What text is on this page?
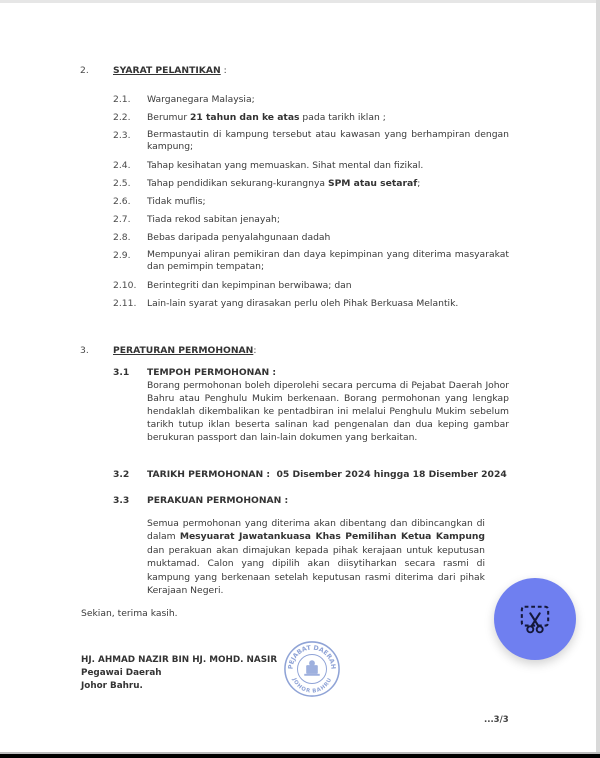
2.	SYARAT PELANTIKAN :
2.1. Warganegara Malaysia;
2.2. Berumur 21 tahun dan ke atas pada tarikh iklan ;
2.3. Bermastautin di kampung tersebut atau kawasan yang berhampiran dengan kampung;
2.4. Tahap kesihatan yang memuaskan. Sihat mental dan fizikal.
2.5. Tahap pendidikan sekurang-kurangnya SPM atau setaraf;
2.6. Tidak muflis;
2.7. Tiada rekod sabitan jenayah;
2.8. Bebas daripada penyalahgunaan dadah
2.9. Mempunyai aliran pemikiran dan daya kepimpinan yang diterima masyarakat dan pemimpin tempatan;
2.10. Berintegriti dan kepimpinan berwibawa; dan
2.11. Lain-lain syarat yang dirasakan perlu oleh Pihak Berkuasa Melantik.
3.	PERATURAN PERMOHONAN:
3.1 TEMPOH PERMOHONAN :
Borang permohonan boleh diperolehi secara percuma di Pejabat Daerah Johor Bahru atau Penghulu Mukim berkenaan. Borang permohonan yang lengkap hendaklah dikembalikan ke pentadbiran ini melalui Penghulu Mukim sebelum tarikh tutup iklan beserta salinan kad pengenalan dan dua keping gambar berukuran passport dan lain-lain dokumen yang berkaitan.
3.2 TARIKH PERMOHONAN : 05 Disember 2024 hingga 18 Disember 2024
3.3 PERAKUAN PERMOHONAN :
Semua permohonan yang diterima akan dibentang dan dibincangkan di dalam Mesyuarat Jawatankuasa Khas Pemilihan Ketua Kampung dan perakuan akan dimajukan kepada pihak kerajaan untuk keputusan muktamad. Calon yang dipilih akan diisytiharkan secara rasmi di kampung yang berkenaan setelah keputusan rasmi diterima dari pihak Kerajaan Negeri.
Sekian, terima kasih.
HJ. AHMAD NAZIR BIN HJ. MOHD. NASIR
Pegawai Daerah
Johor Bahru.
PEJABAT DAERAH
JOHOR BAHRU
...3/3
